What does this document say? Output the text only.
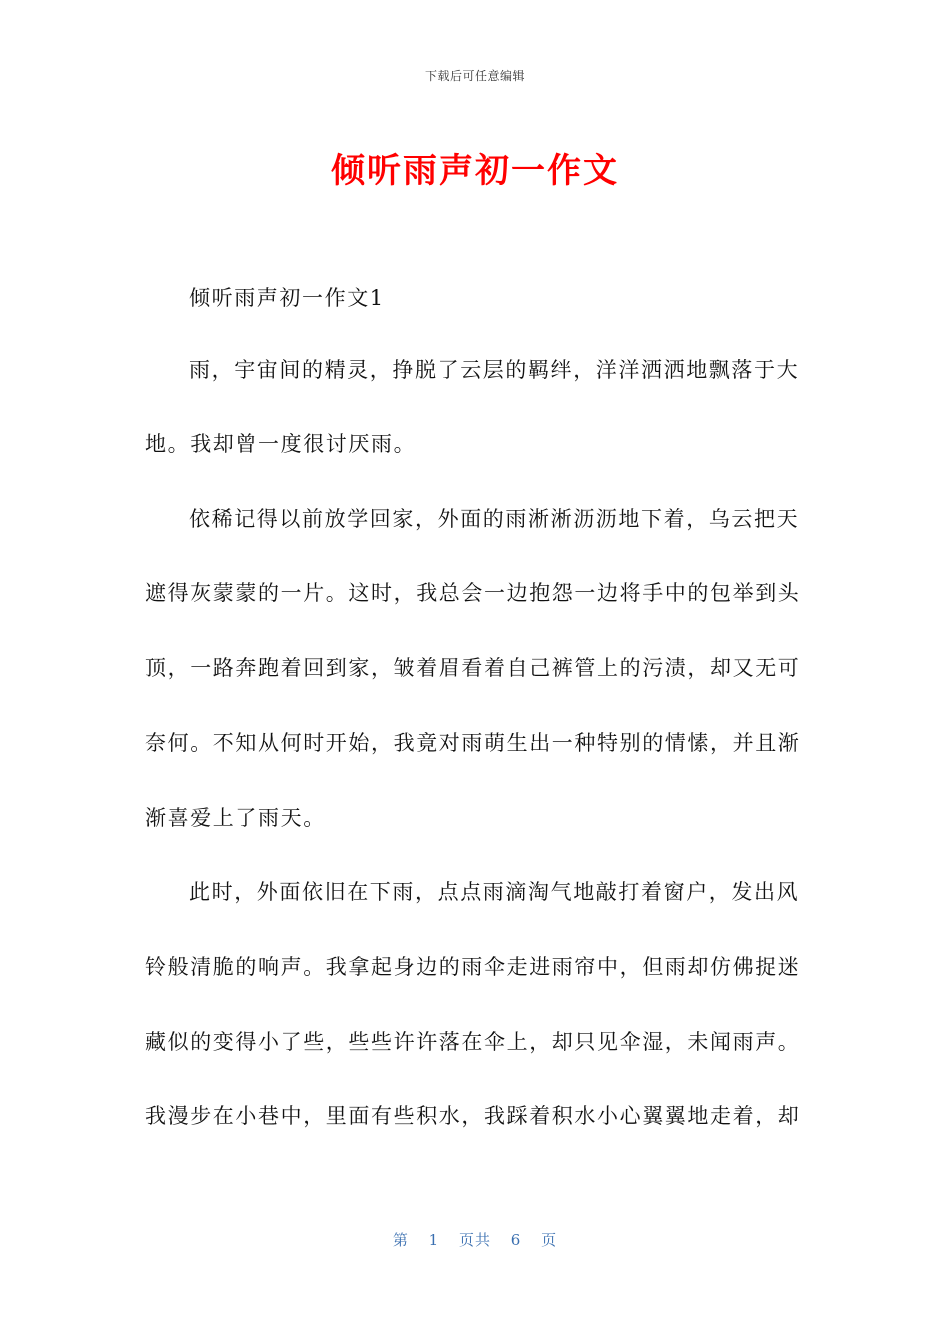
下载后可任意编辑
倾听雨声初一作文
倾听雨声初一作文1
雨，宇宙间的精灵，挣脱了云层的羁绊，洋洋洒洒地飘落于大
地。我却曾一度很讨厌雨。
依稀记得以前放学回家，外面的雨淅淅沥沥地下着，乌云把天
遮得灰蒙蒙的一片。这时，我总会一边抱怨一边将手中的包举到头
顶，一路奔跑着回到家，皱着眉看着自己裤管上的污渍，却又无可
奈何。不知从何时开始，我竟对雨萌生出一种特别的情愫，并且渐
渐喜爱上了雨天。
此时，外面依旧在下雨，点点雨滴淘气地敲打着窗户，发出风
铃般清脆的响声。我拿起身边的雨伞走进雨帘中，但雨却仿佛捉迷
藏似的变得小了些，些些许许落在伞上，却只见伞湿，未闻雨声。
我漫步在小巷中，里面有些积水，我踩着积水小心翼翼地走着，却
第 1 页共 6 页
